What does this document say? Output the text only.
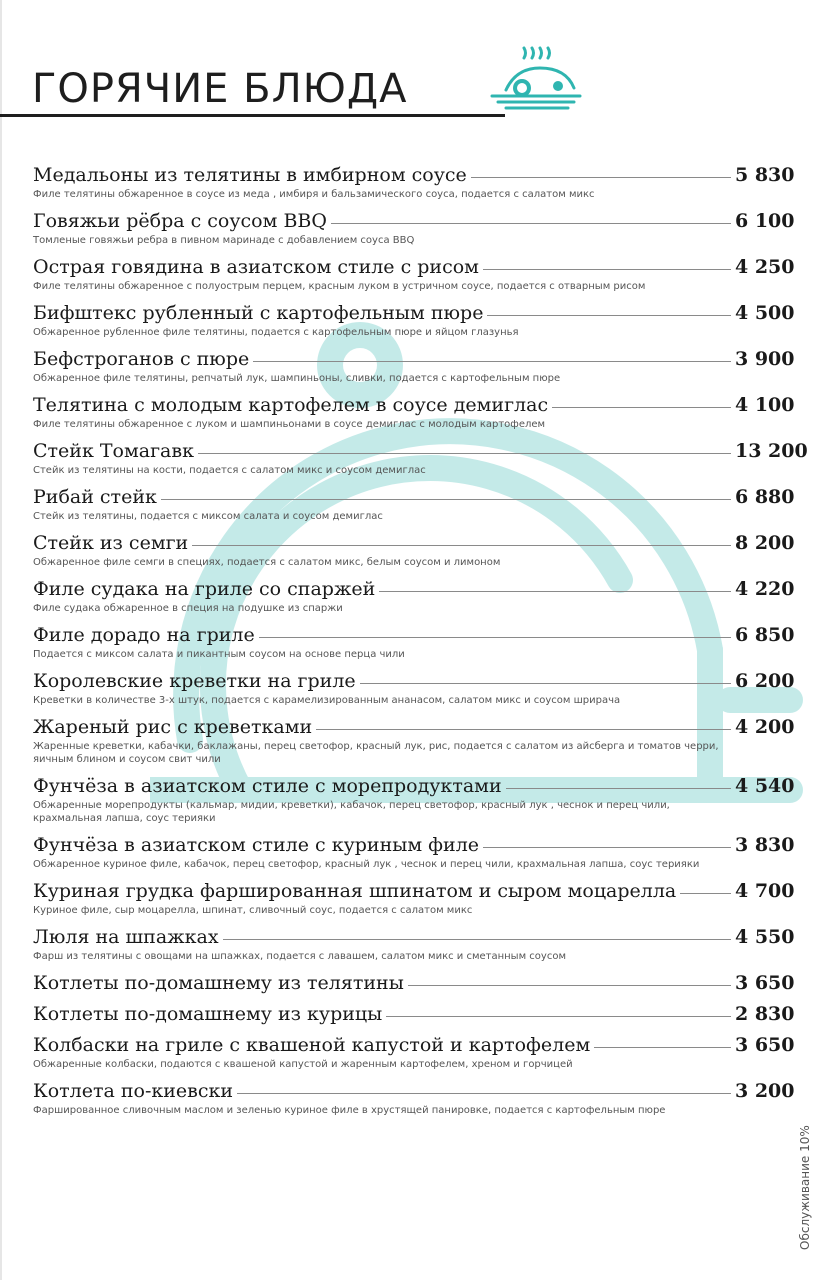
ГОРЯЧИЕ БЛЮДА
Медальоны из телятины в имбирном соусе	5 830
Филе телятины обжаренное в соусе из меда , имбиря и бальзамического соуса, подается с салатом микс
Говяжьи рёбра с соусом BBQ	6 100
Томленые говяжьи ребра в пивном маринаде с добавлением соуса BBQ
Острая говядина в азиатском стиле с рисом	4 250
Филе телятины обжаренное с полуострым перцем, красным луком в устричном соусе, подается с отварным рисом
Бифштекс рубленный с картофельным пюре	4 500
Обжаренное рубленное филе телятины, подается с картофельным пюре и яйцом глазунья
Бефстроганов с пюре	3 900
Обжаренное филе телятины, репчатый лук, шампиньоны, сливки, подается с картофельным пюре
Телятина с молодым картофелем в соусе демиглас	4 100
Филе телятины обжаренное с луком и шампиньонами в соусе демиглас с молодым картофелем
Стейк Томагавк	13 200
Стейк из телятины на кости, подается с салатом микс и соусом демиглас
Рибай стейк	6 880
Стейк из телятины, подается с миксом салата и соусом демиглас
Стейк из семги	8 200
Обжаренное филе семги в специях, подается с салатом микс, белым соусом и лимоном
Филе судака на гриле со спаржей	4 220
Филе судака обжаренное в специя на подушке из спаржи
Филе дорадо на гриле	6 850
Подается с миксом салата и пикантным соусом на основе перца чили
Королевские креветки на гриле	6 200
Креветки в количестве 3-х штук, подается с карамелизированным ананасом, салатом микс и соусом шрирача
Жареный рис с креветками	4 200
Жаренные креветки, кабачки, баклажаны, перец светофор, красный лук, рис, подается с салатом из айсберга и томатов черри, яичным блином и соусом свит чили
Фунчёза в азиатском стиле с морепродуктами	4 540
Обжаренные морепродукты (кальмар, мидии, креветки), кабачок, перец светофор, красный лук , чеснок и перец чили, крахмальная лапша, соус терияки
Фунчёза в азиатском стиле с куриным филе	3 830
Обжаренное куриное филе, кабачок, перец светофор, красный лук , чеснок и перец чили, крахмальная лапша, соус терияки
Куриная грудка фаршированная шпинатом и сыром моцарелла	4 700
Куриное филе, сыр моцарелла, шпинат, сливочный соус, подается с салатом микс
Люля на шпажках	4 550
Фарш из телятины с овощами на шпажках, подается с лавашем, салатом микс и сметанным соусом
Котлеты по-домашнему из телятины	3 650
Котлеты по-домашнему из курицы	2 830
Колбаски на гриле с квашеной капустой и картофелем	3 650
Обжаренные колбаски, подаются с квашеной капустой и жаренным картофелем, хреном и горчицей
Котлета по-киевски	3 200
Фаршированное сливочным маслом и зеленью куриное филе в хрустящей панировке, подается с картофельным пюре
Обслуживание 10%
